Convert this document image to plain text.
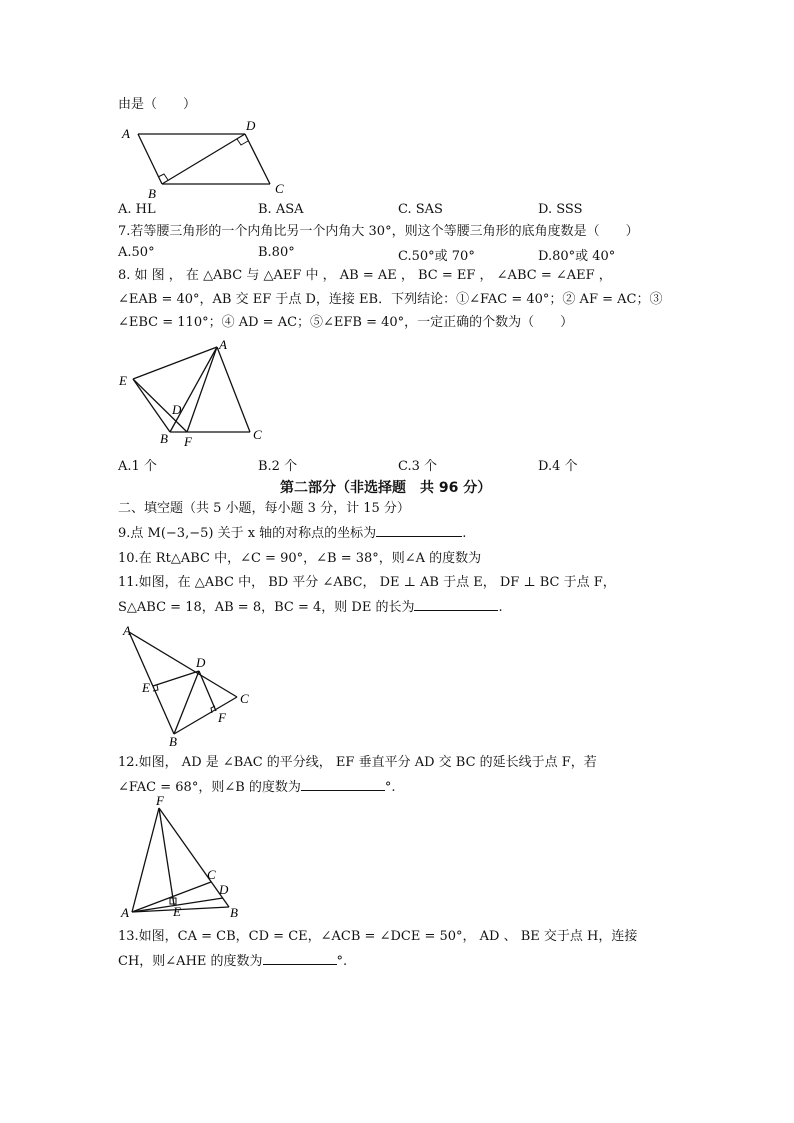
由是（　　）
A
D
B	C
A. HL	B. ASA	C. SAS	D. SSS
7.若等腰三角形的一个内角比另一个内角大 30°，则这个等腰三角形的底角度数是（　　）
A.50°	B.80°	C.50°或 70°	D.80°或 40°
8. 如 图 ， 在 △ABC 与 △AEF 中 ， AB = AE ， BC = EF ， ∠ABC = ∠AEF ，
∠EAB = 40°，AB 交 EF 于点 D，连接 EB．下列结论：①∠FAC = 40°；② AF = AC；③
∠EBC = 110°；④ AD = AC；⑤∠EFB = 40°，一定正确的个数为（　　）
A
E
D
B F	C
A.1 个	B.2 个	C.3 个	D.4 个
第二部分（非选择题　共 96 分）
二、填空题（共 5 小题，每小题 3 分，计 15 分）
9.点 M(−3,−5) 关于 x 轴的对称点的坐标为	.
10.在 Rt△ABC 中，∠C = 90°，∠B = 38°，则∠A 的度数为
11.如图，在 △ABC 中， BD 平分 ∠ABC， DE ⊥ AB 于点 E， DF ⊥ BC 于点 F，
S△ABC = 18，AB = 8，BC = 4，则 DE 的长为	.
A
D
E
C
F
B
12.如图， AD 是 ∠BAC 的平分线， EF 垂直平分 AD 交 BC 的延长线于点 F，若
∠FAC = 68°，则∠B 的度数为	°.
F
C
D
A	E	B
13.如图，CA = CB，CD = CE，∠ACB = ∠DCE = 50°， AD 、 BE 交于点 H，连接
CH，则∠AHE 的度数为	°.
